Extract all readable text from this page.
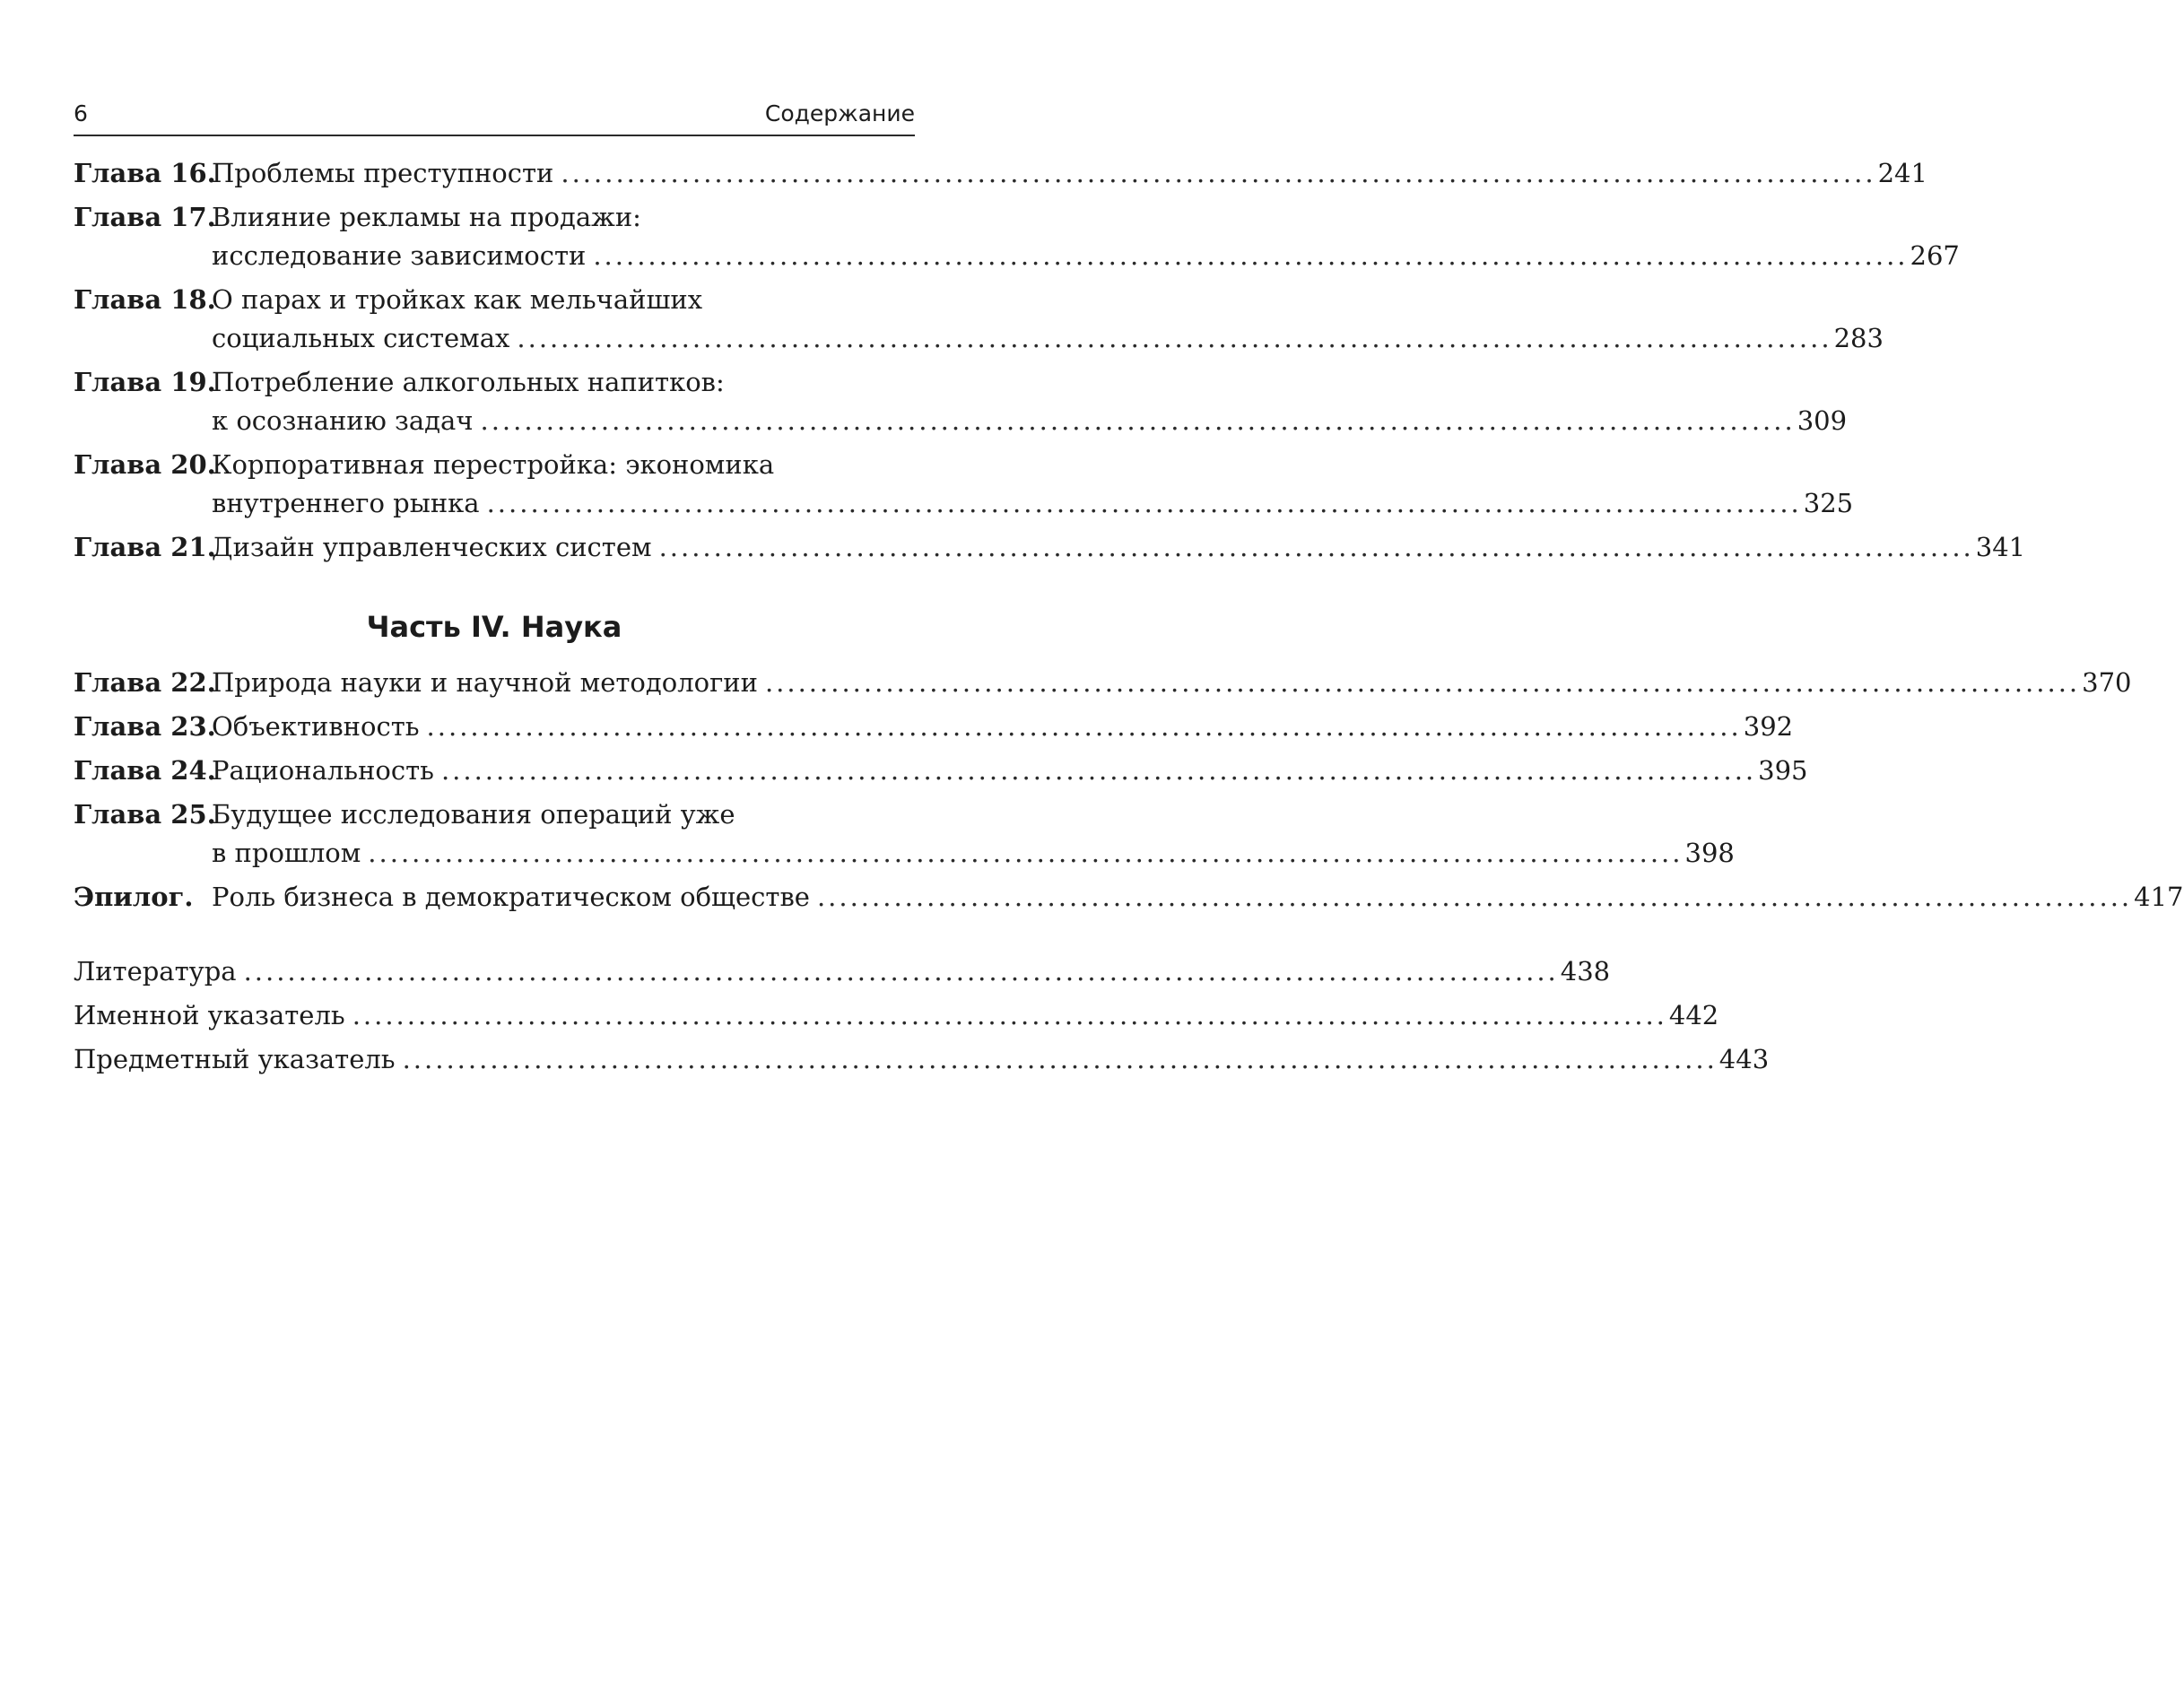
6	Содержание
Глава 16.
Проблемы преступности ........................................................................................................................ 241
Глава 17.
Влияние рекламы на продажи:
исследование зависимости ........................................................................................................................ 267
Глава 18.
О парах и тройках как мельчайших
социальных системах ........................................................................................................................ 283
Глава 19.
Потребление алкогольных напитков:
к осознанию задач ........................................................................................................................ 309
Глава 20.
Корпоративная перестройка: экономика
внутреннего рынка ........................................................................................................................ 325
Глава 21.
Дизайн управленческих систем ........................................................................................................................ 341
Часть IV. Наука
Глава 22.
Природа науки и научной методологии ........................................................................................................................ 370
Глава 23.
Объективность ........................................................................................................................ 392
Глава 24.
Рациональность ........................................................................................................................ 395
Глава 25.
Будущее исследования операций уже
в прошлом ........................................................................................................................ 398
Эпилог. Роль бизнеса в демократическом обществе ........................................................................................................................ 417
Литература ........................................................................................................................ 438
Именной указатель ........................................................................................................................ 442
Предметный указатель ........................................................................................................................ 443
